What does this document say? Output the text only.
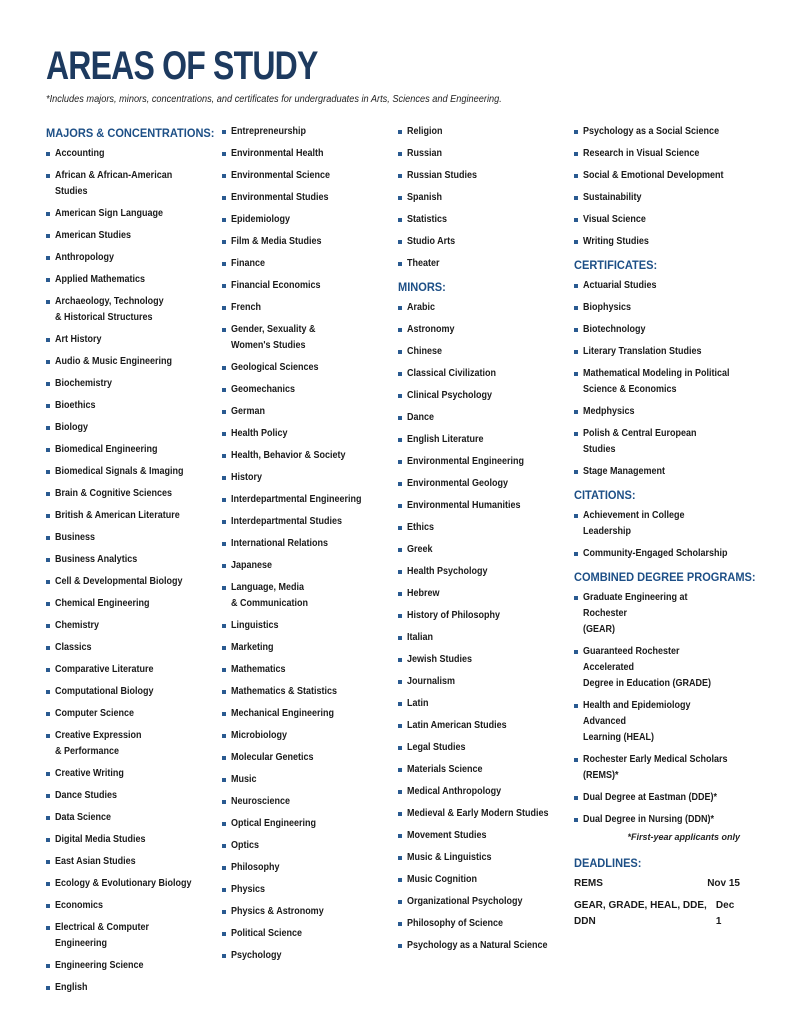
AREAS OF STUDY
*Includes majors, minors, concentrations, and certificates for undergraduates in Arts, Sciences and Engineering.
MAJORS & CONCENTRATIONS:
Accounting
African & African-American Studies
American Sign Language
American Studies
Anthropology
Applied Mathematics
Archaeology, Technology
& Historical Structures
Art History
Audio & Music Engineering
Biochemistry
Bioethics
Biology
Biomedical Engineering
Biomedical Signals & Imaging
Brain & Cognitive Sciences
British & American Literature
Business
Business Analytics
Cell & Developmental Biology
Chemical Engineering
Chemistry
Classics
Comparative Literature
Computational Biology
Computer Science
Creative Expression
& Performance
Creative Writing
Dance Studies
Data Science
Digital Media Studies
East Asian Studies
Ecology & Evolutionary Biology
Economics
Electrical & Computer Engineering
Engineering Science
English
Entrepreneurship
Environmental Health
Environmental Science
Environmental Studies
Epidemiology
Film & Media Studies
Finance
Financial Economics
French
Gender, Sexuality &
Women's Studies
Geological Sciences
Geomechanics
German
Health Policy
Health, Behavior & Society
History
Interdepartmental Engineering
Interdepartmental Studies
International Relations
Japanese
Language, Media
& Communication
Linguistics
Marketing
Mathematics
Mathematics & Statistics
Mechanical Engineering
Microbiology
Molecular Genetics
Music
Neuroscience
Optical Engineering
Optics
Philosophy
Physics
Physics & Astronomy
Political Science
Psychology
Religion
Russian
Russian Studies
Spanish
Statistics
Studio Arts
Theater
MINORS:
Arabic
Astronomy
Chinese
Classical Civilization
Clinical Psychology
Dance
English Literature
Environmental Engineering
Environmental Geology
Environmental Humanities
Ethics
Greek
Health Psychology
Hebrew
History of Philosophy
Italian
Jewish Studies
Journalism
Latin
Latin American Studies
Legal Studies
Materials Science
Medical Anthropology
Medieval & Early Modern Studies
Movement Studies
Music & Linguistics
Music Cognition
Organizational Psychology
Philosophy of Science
Psychology as a Natural Science
Psychology as a Social Science
Research in Visual Science
Social & Emotional Development
Sustainability
Visual Science
Writing Studies
CERTIFICATES:
Actuarial Studies
Biophysics
Biotechnology
Literary Translation Studies
Mathematical Modeling in Political
Science & Economics
Medphysics
Polish & Central European Studies
Stage Management
CITATIONS:
Achievement in College Leadership
Community-Engaged Scholarship
COMBINED DEGREE PROGRAMS:
Graduate Engineering at Rochester
(GEAR)
Guaranteed Rochester Accelerated
Degree in Education (GRADE)
Health and Epidemiology Advanced
Learning (HEAL)
Rochester Early Medical Scholars
(REMS)*
Dual Degree at Eastman (DDE)*
Dual Degree in Nursing (DDN)*
*First-year applicants only
DEADLINES:
REMS	Nov 15
GEAR, GRADE, HEAL, DDE, DDN
Dec 1
